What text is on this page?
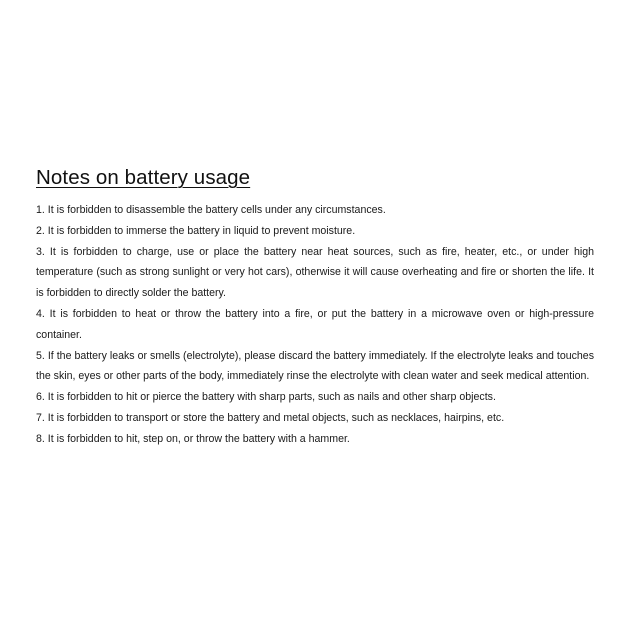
Notes on battery usage
1. It is forbidden to disassemble the battery cells under any circumstances.
2. It is forbidden to immerse the battery in liquid to prevent moisture.
3. It is forbidden to charge, use or place the battery near heat sources, such as fire, heater, etc., or under high temperature (such as strong sunlight or very hot cars), otherwise it will cause overheating and fire or shorten the life. It is forbidden to directly solder the battery.
4. It is forbidden to heat or throw the battery into a fire, or put the battery in a microwave oven or high-pressure container.
5. If the battery leaks or smells (electrolyte), please discard the battery immediately. If the electrolyte leaks and touches the skin, eyes or other parts of the body, immediately rinse the electrolyte with clean water and seek medical attention.
6. It is forbidden to hit or pierce the battery with sharp parts, such as nails and other sharp objects.
7. It is forbidden to transport or store the battery and metal objects, such as necklaces, hairpins, etc.
8. It is forbidden to hit, step on, or throw the battery with a hammer.
